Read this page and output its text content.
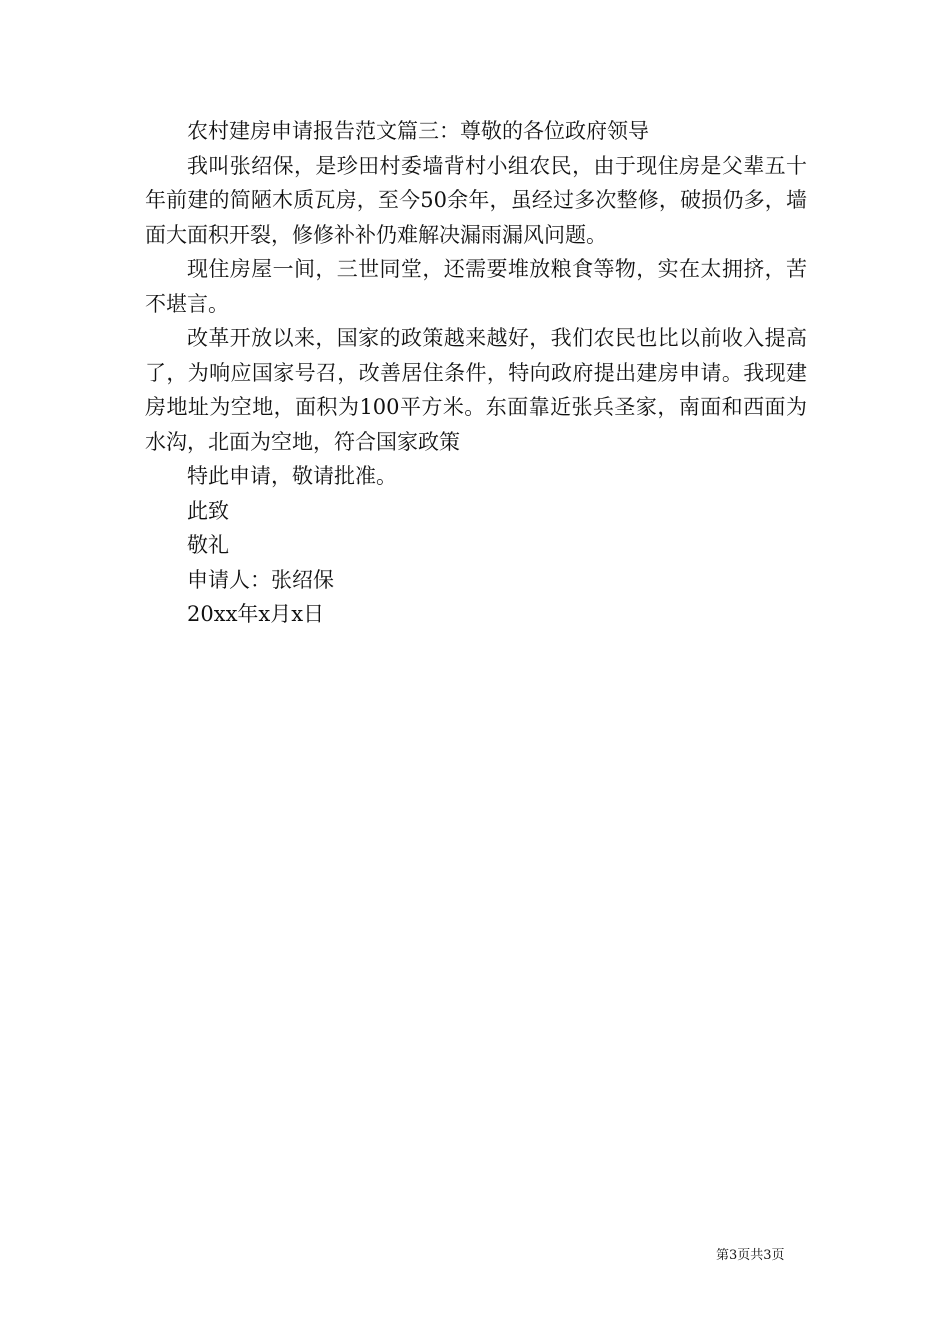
农村建房申请报告范文篇三：尊敬的各位政府领导

我叫张绍保，是珍田村委墙背村小组农民，由于现住房是父辈五十年前建的简陋木质瓦房，至今50余年，虽经过多次整修，破损仍多，墙面大面积开裂，修修补补仍难解决漏雨漏风问题。

现住房屋一间，三世同堂，还需要堆放粮食等物，实在太拥挤，苦不堪言。

改革开放以来，国家的政策越来越好，我们农民也比以前收入提高了，为响应国家号召，改善居住条件，特向政府提出建房申请。我现建房地址为空地，面积为100平方米。东面靠近张兵圣家，南面和西面为水沟，北面为空地，符合国家政策

特此申请，敬请批准。

此致

敬礼

申请人：张绍保

20xx年x月x日

第3页共3页
